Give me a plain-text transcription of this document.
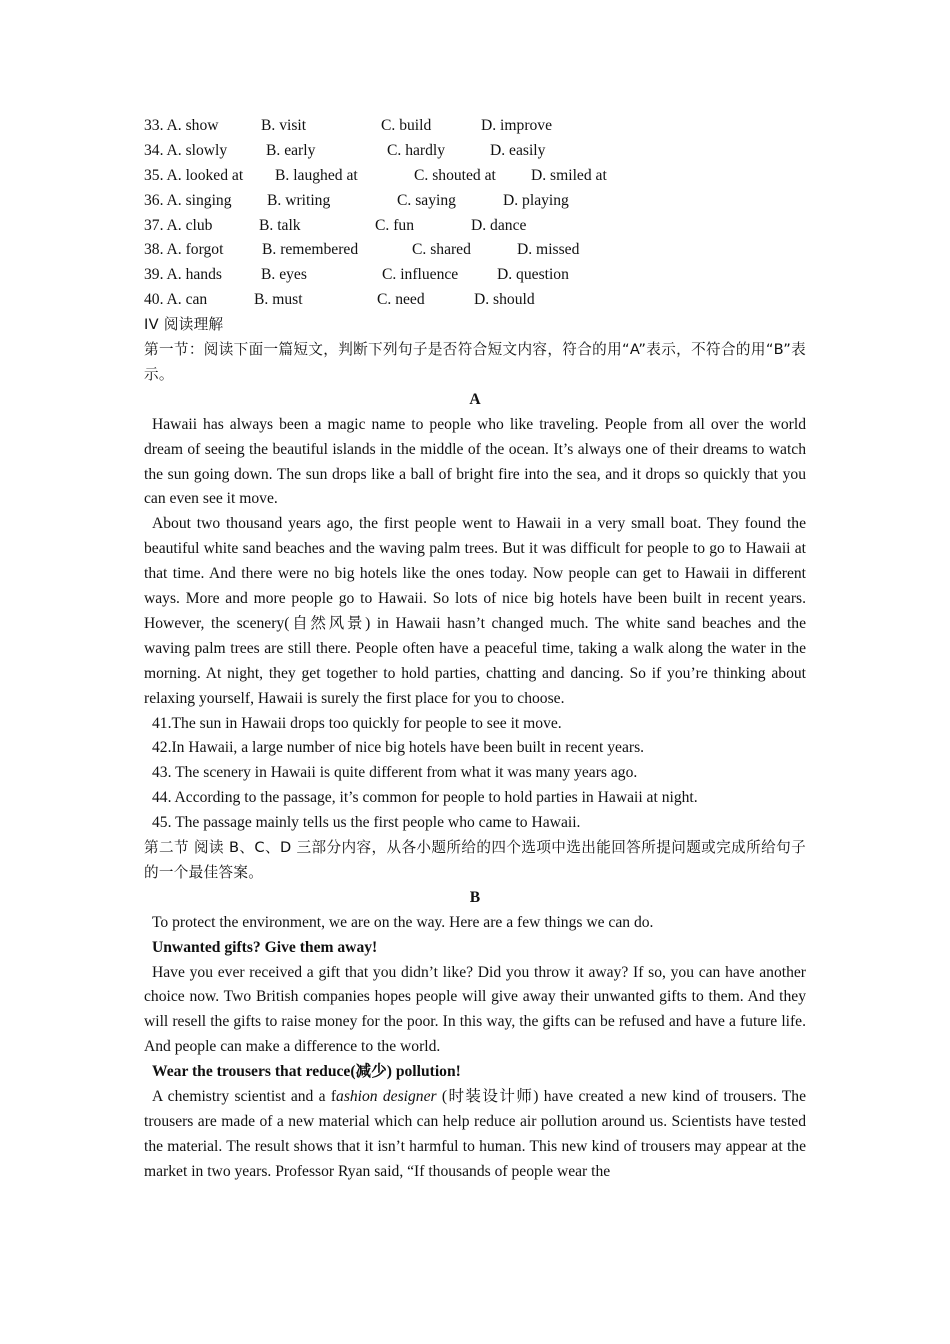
33. A. show	B. visit	C. build	D. improve
34. A. slowly B. early	C. hardly	D. easily
35. A. looked at B. laughed at	C. shouted at D. smiled at
36. A. singing B. writing	C. saying	D. playing
37. A. club	B. talk	C. fun	D. dance
38. A. forgot B. remembered	C. shared	D. missed
39. A. hands	B. eyes	C. influence D. question
40. A. can	B. must	C. need	D. should
IV 阅读理解

第一节：阅读下面一篇短文，判断下列句子是否符合短文内容，符合的用“A”表示，不符合的用“B”表示。

A

Hawaii has always been a magic name to people who like traveling. People from all over the world dream of seeing the beautiful islands in the middle of the ocean. It’s always one of their dreams to watch the sun going down. The sun drops like a ball of bright fire into the sea, and it drops so quickly that you can even see it move.

About two thousand years ago, the first people went to Hawaii in a very small boat. They found the beautiful white sand beaches and the waving palm trees. But it was difficult for people to go to Hawaii at that time. And there were no big hotels like the ones today. Now people can get to Hawaii in different ways. More and more people go to Hawaii. So lots of nice big hotels have been built in recent years. However, the scenery(自然风景) in Hawaii hasn’t changed much. The white sand beaches and the waving palm trees are still there. People often have a peaceful time, taking a walk along the water in the morning. At night, they get together to hold parties, chatting and dancing. So if you’re thinking about relaxing yourself, Hawaii is surely the first place for you to choose.

41.The sun in Hawaii drops too quickly for people to see it move.
42.In Hawaii, a large number of nice big hotels have been built in recent years.
43. The scenery in Hawaii is quite different from what it was many years ago.
44. According to the passage, it’s common for people to hold parties in Hawaii at night.
45. The passage mainly tells us the first people who came to Hawaii.

第二节 阅读 B、C、D 三部分内容，从各小题所给的四个选项中选出能回答所提问题或完成所给句子的一个最佳答案。

B
To protect the environment, we are on the way. Here are a few things we can do.
Unwanted gifts? Give them away!

Have you ever received a gift that you didn’t like? Did you throw it away? If so, you can have another choice now. Two British companies hopes people will give away their unwanted gifts to them. And they will resell the gifts to raise money for the poor. In this way, the gifts can be refused and have a future life. And people can make a difference to the world.

Wear the trousers that reduce(减少) pollution!

A chemistry scientist and a fashion designer (时装设计师) have created a new kind of trousers. The trousers are made of a new material which can help reduce air pollution around us. Scientists have tested the material. The result shows that it isn’t harmful to human. This new kind of trousers may appear at the market in two years. Professor Ryan said, “If thousands of people wear the
